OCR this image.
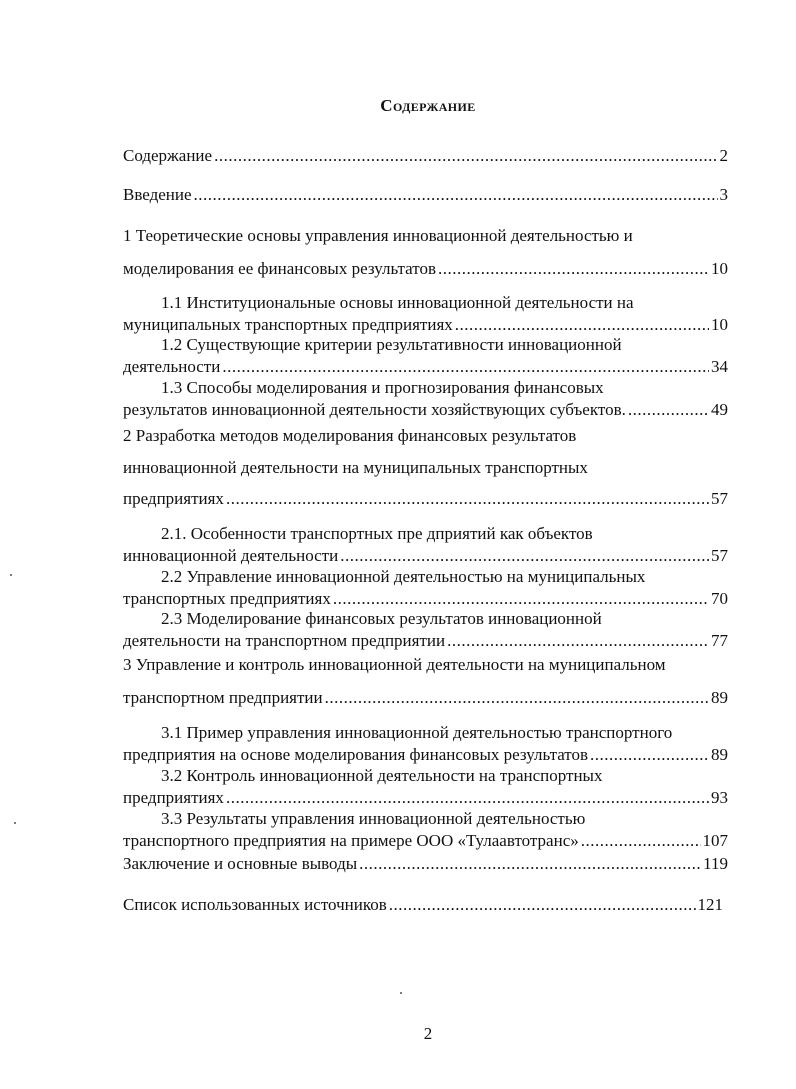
Содержание
Содержание .....	2
Введение .....	3
1 Теоретические основы управления инновационной деятельностью и
моделирования ее финансовых результатов .....	10
1.1 Институциональные основы инновационной деятельности на
муниципальных транспортных предприятиях .....	10
1.2 Существующие критерии результативности инновационной
деятельности .....	34
1.3 Способы моделирования и прогнозирования финансовых
результатов инновационной деятельности хозяйствующих субъектов. .....	49
2 Разработка методов моделирования финансовых результатов
инновационной деятельности на муниципальных транспортных
предприятиях .....	57
2.1. Особенности транспортных пре дприятий как объектов
инновационной деятельности .....	57
2.2 Управление инновационной деятельностью на муниципальных
транспортных предприятиях .....	70
2.3 Моделирование финансовых результатов инновационной
деятельности на транспортном предприятии .....	77
3 Управление и контроль инновационной деятельности на муниципальном
транспортном предприятии .....	89
3.1 Пример управления инновационной деятельностью транспортного
предприятия на основе моделирования финансовых результатов .....	89
3.2 Контроль инновационной деятельности на транспортных
предприятиях .....	93
3.3 Результаты управления инновационной деятельностью
транспортного предприятия на примере ООО «Тулаавтотранс» .....	107
Заключение и основные выводы .....	119
Список использованных источников .....	121
2
